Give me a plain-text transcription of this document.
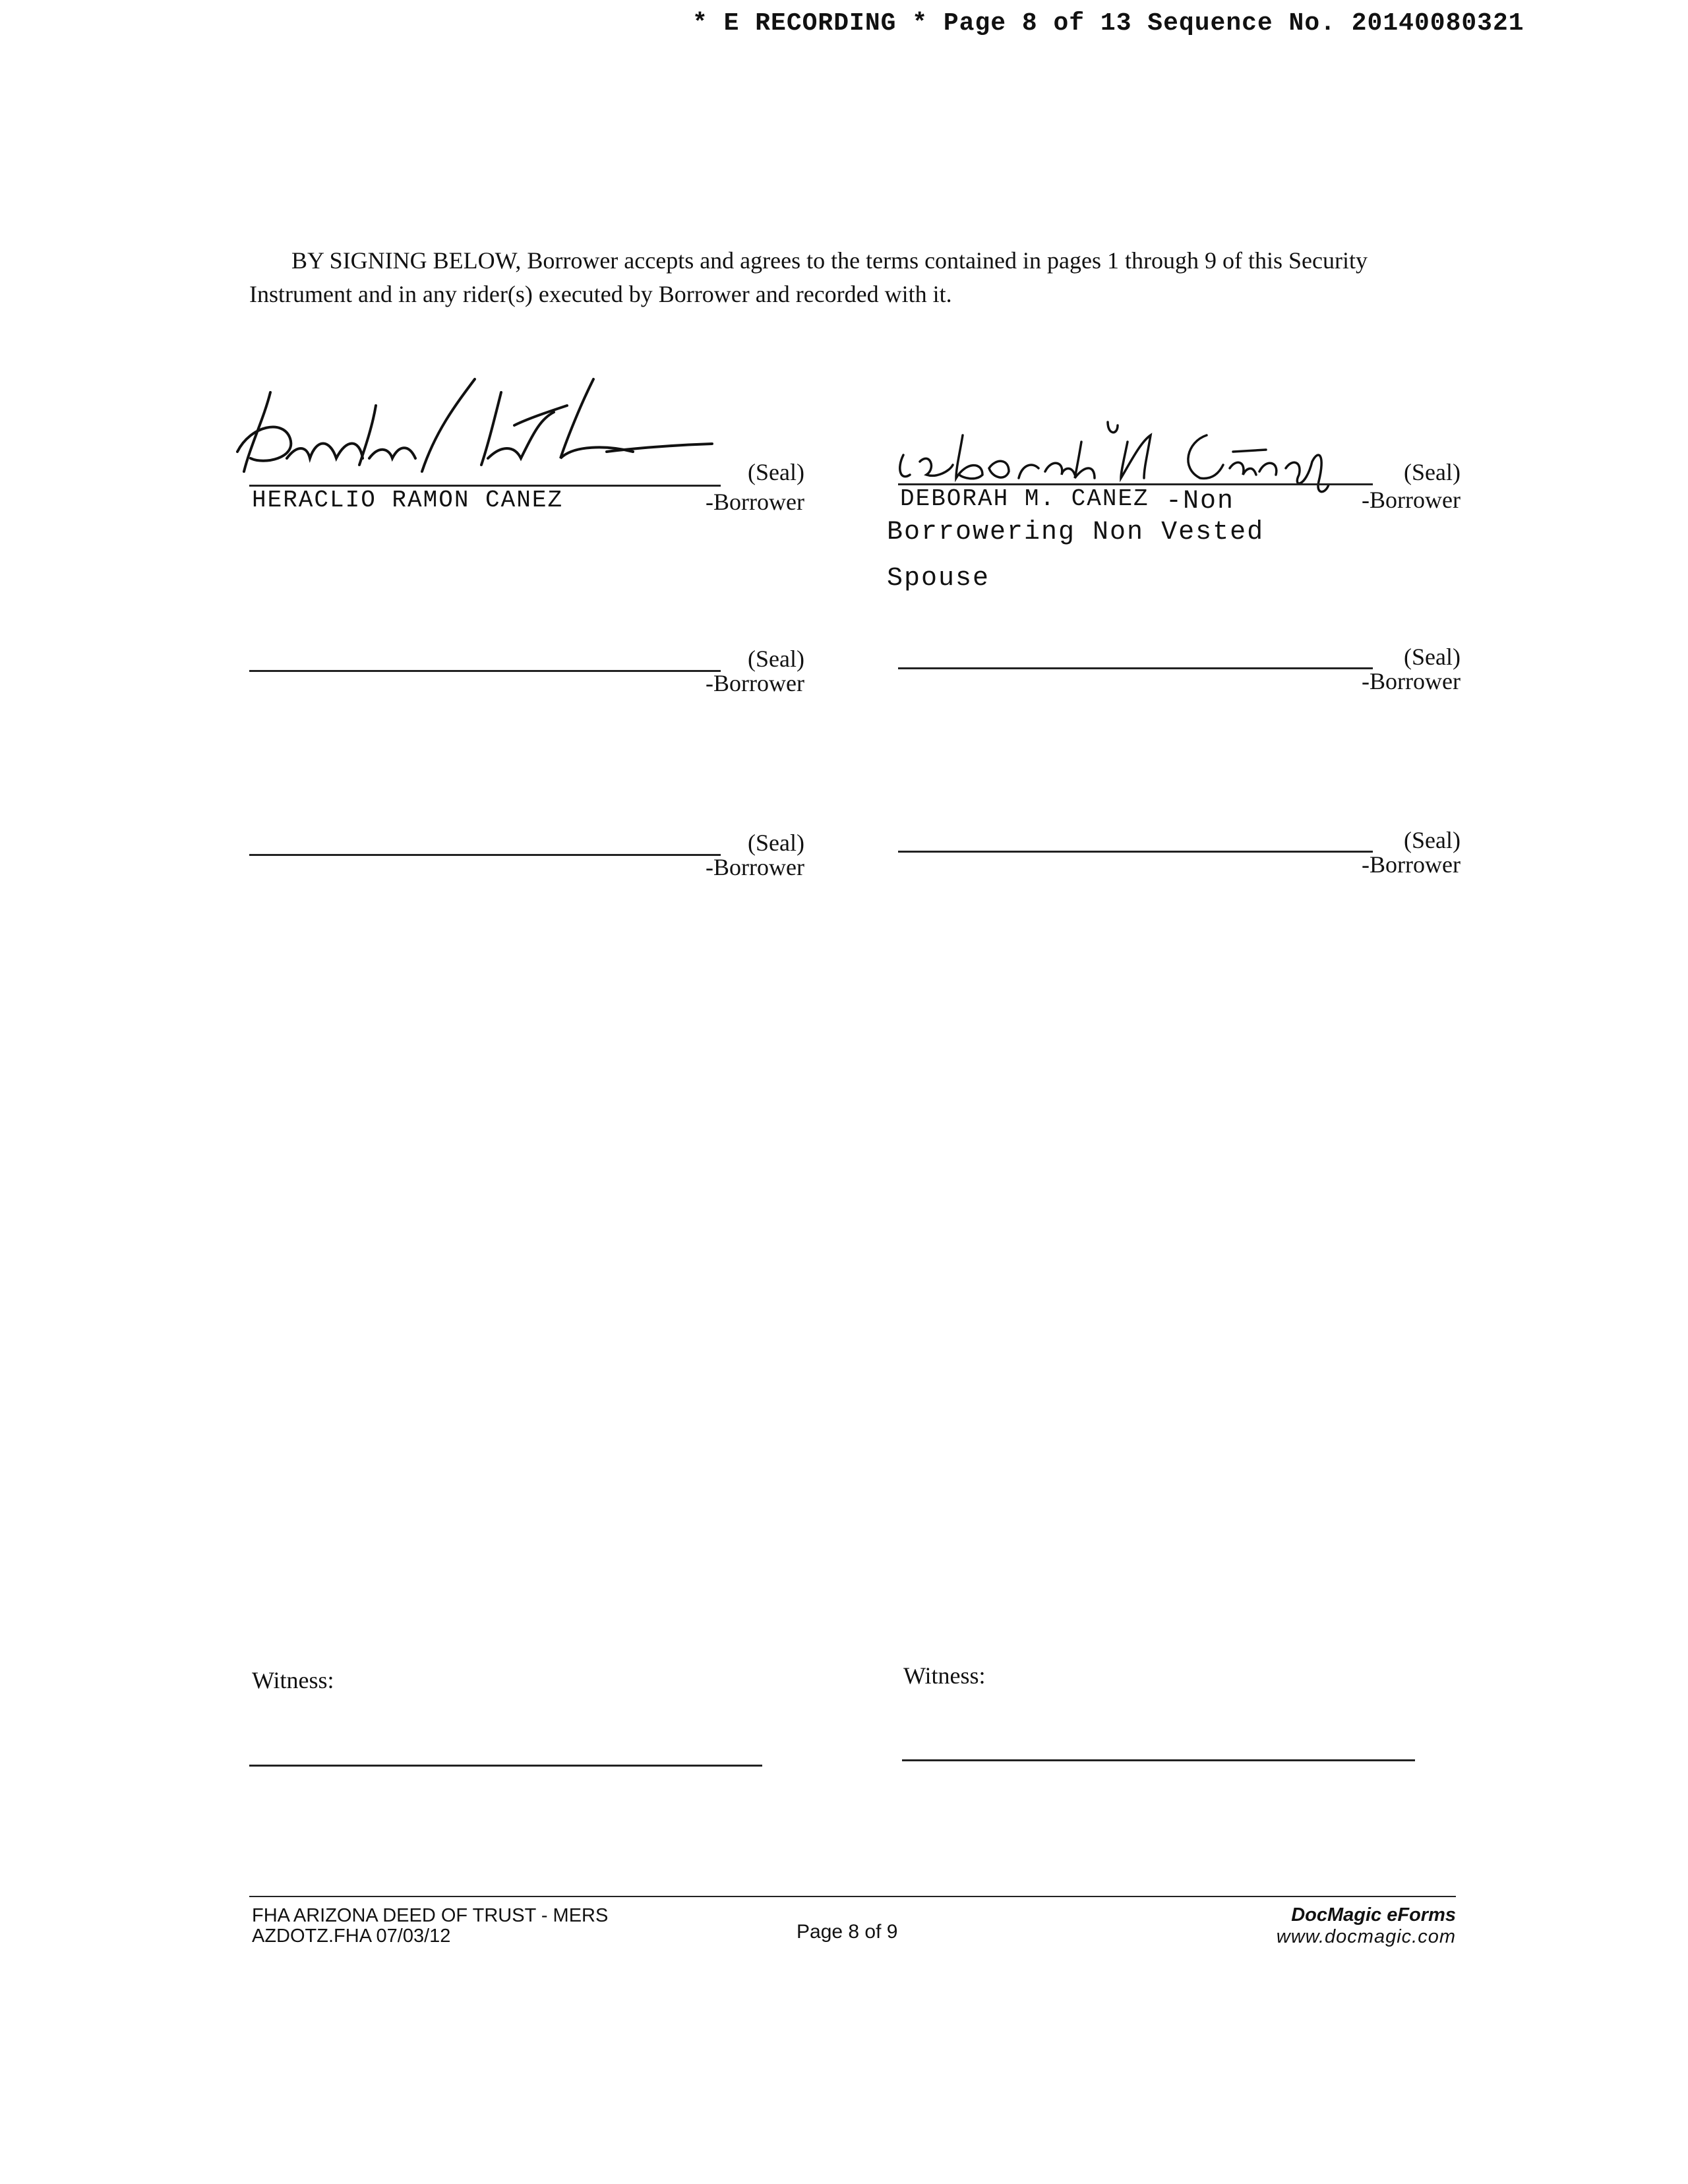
* E RECORDING * Page 8 of 13 Sequence No. 20140080321
BY SIGNING BELOW, Borrower accepts and agrees to the terms contained in pages 1 through 9 of this Security Instrument and in any rider(s) executed by Borrower and recorded with it.
(Seal)
HERACLIO RAMON CANEZ	-Borrower
(Seal)
DEBORAH M. CANEZ -Non	-Borrower
Borrowering Non Vested
Spouse
(Seal)
-Borrower
(Seal)
-Borrower
(Seal)
-Borrower
(Seal)
-Borrower
Witness:	Witness:
FHA ARIZONA DEED OF TRUST - MERS
AZDOTZ.FHA 07/03/12	Page 8 of 9
DocMagic eForms
www.docmagic.com
